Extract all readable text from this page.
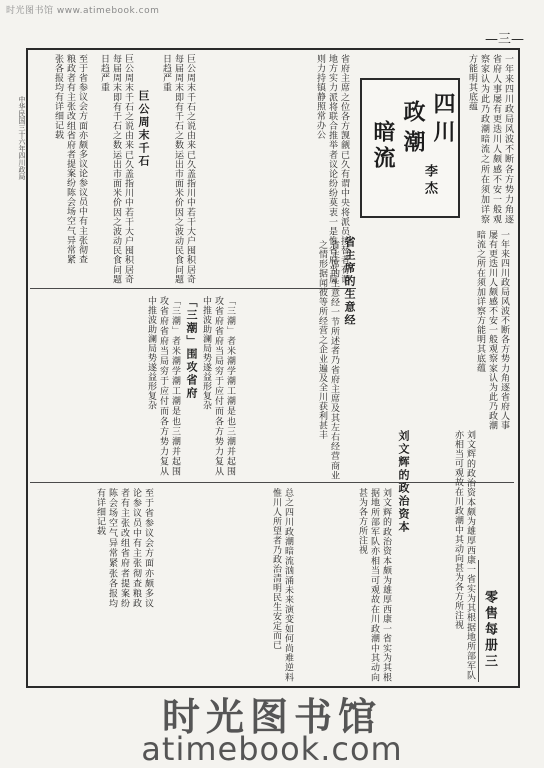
时光图书馆 www.atimebook.com
—三—
中华民国三十六年四川政局	四川
政潮
暗流
李杰	一年来四川政局风波不断各方势力角逐省府人事屡有更迭川人颇感不安一般观察家认为此乃政潮暗流之所在须加详察方能明其底蕴
省府主席之位各方觊觎已久有谓中央将派员接替者有谓地方实力派将联合推举者议论纷纷莫衷一是惟省府当局则力持镇静照常办公
至于省参议会方面亦颇多议论参议员中有主张彻查粮政者有主张改组省府者提案纷陈会场空气异常紧张各报均有详细记载	巨公周末千石
巨公周末千石之说由来已久盖指川中若干大户囤积居奇每届周末即有千石之数运出市面米价因之波动民食问题日趋严重	巨公周末千石之说由来已久盖指川中若干大户囤积居奇每届周末即有千石之数运出市面米价因之波动民食问题日趋严重
一年来四川政局风波不断各方势力角逐省府人事屡有更迭川人颇感不安一般观察家认为此乃政潮暗流之所在须加详察方能明其底蕴
「三潮」围攻省府
「三潮」者米潮学潮工潮是也三潮并起围攻省府省府当局穷于应付而各方势力复从中推波助澜局势遂益形复杂	「三潮」者米潮学潮工潮是也三潮并起围攻省府省府当局穷于应付而各方势力复从中推波助澜局势遂益形复杂
省主席的生意经
省主席的生意经一节所述者乃省府主席及其左右经营商业之情形据闻彼等所经营之企业遍及全川获利甚丰
刘文辉的政治资本	刘文辉的政治资本颇为雄厚西康一省实为其根据地所部军队亦相当可观故在川政潮中其动向甚为各方所注视
刘文辉的政治资本颇为雄厚西康一省实为其根据地所部军队亦相当可观故在川政潮中其动向甚为各方所注视
总之四川政潮暗流汹涌未来演变如何尚难逆料惟川人所望者乃政治清明民生安定而已
至于省参议会方面亦颇多议论参议员中有主张彻查粮政者有主张改组省府者提案纷陈会场空气异常紧张各报均有详细记载
零售每册三
时光图书馆
atimebook.com
